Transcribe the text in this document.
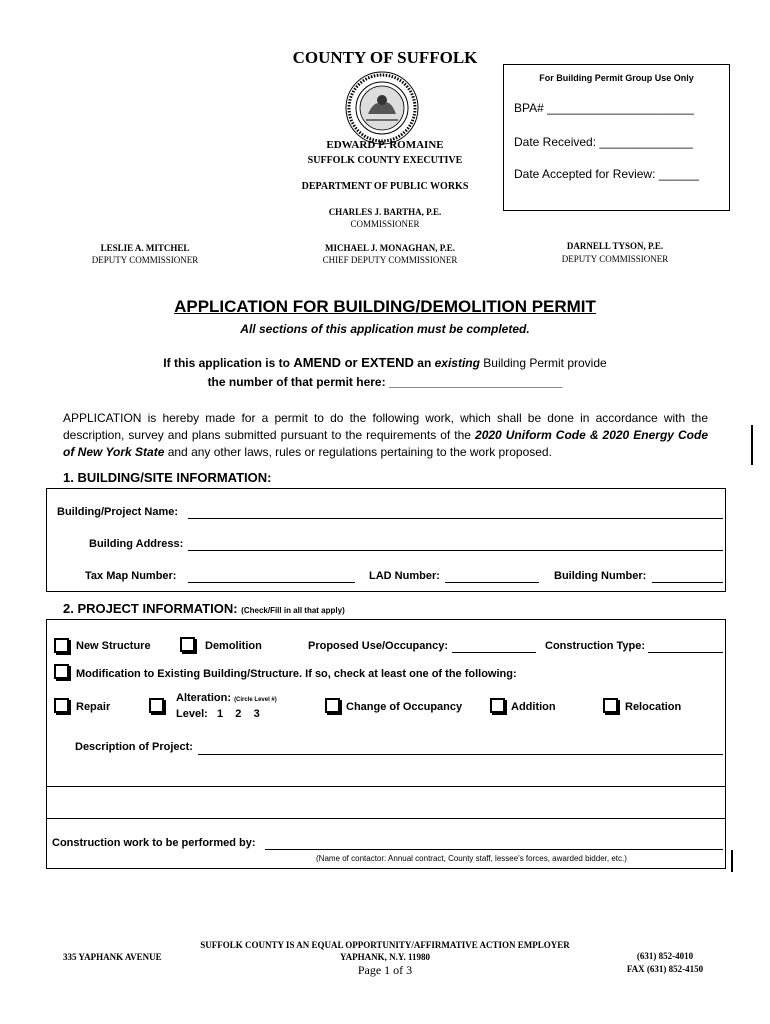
COUNTY OF SUFFOLK
EDWARD P. ROMAINE
SUFFOLK COUNTY EXECUTIVE
DEPARTMENT OF PUBLIC WORKS
CHARLES J. BARTHA, P.E.
COMMISSIONER
LESLIE A. MITCHEL
DEPUTY COMMISSIONER
MICHAEL J. MONAGHAN, P.E.
CHIEF DEPUTY COMMISSIONER
DARNELL TYSON, P.E.
DEPUTY COMMISSIONER
For Building Permit Group Use Only
BPA# ______________________
Date Received: ______________
Date Accepted for Review: ______
APPLICATION FOR BUILDING/DEMOLITION PERMIT
All sections of this application must be completed.
If this application is to AMEND or EXTEND an existing Building Permit provide
the number of that permit here: __________________________
APPLICATION is hereby made for a permit to do the following work, which shall be done in accordance with the description, survey and plans submitted pursuant to the requirements of the 2020 Uniform Code & 2020 Energy Code of New York State and any other laws, rules or regulations pertaining to the work proposed.
1. BUILDING/SITE INFORMATION:
Building/Project Name:
Building Address:
Tax Map Number:	LAD Number:	Building Number:
2. PROJECT INFORMATION: (Check/Fill in all that apply)
New Structure	Demolition	Proposed Use/Occupancy:	Construction Type:
Modification to Existing Building/Structure. If so, check at least one of the following:
Repair
Alteration: (Circle Level #)
Level:   1    2    3
Change of Occupancy	Addition	Relocation
Description of Project:
Construction work to be performed by:
(Name of contactor: Annual contract, County staff, lessee's forces, awarded bidder, etc.)
SUFFOLK COUNTY IS AN EQUAL OPPORTUNITY/AFFIRMATIVE ACTION EMPLOYER
335 YAPHANK AVENUE	YAPHANK, N.Y. 11980
Page 1 of 3
(631) 852-4010
FAX (631) 852-4150
